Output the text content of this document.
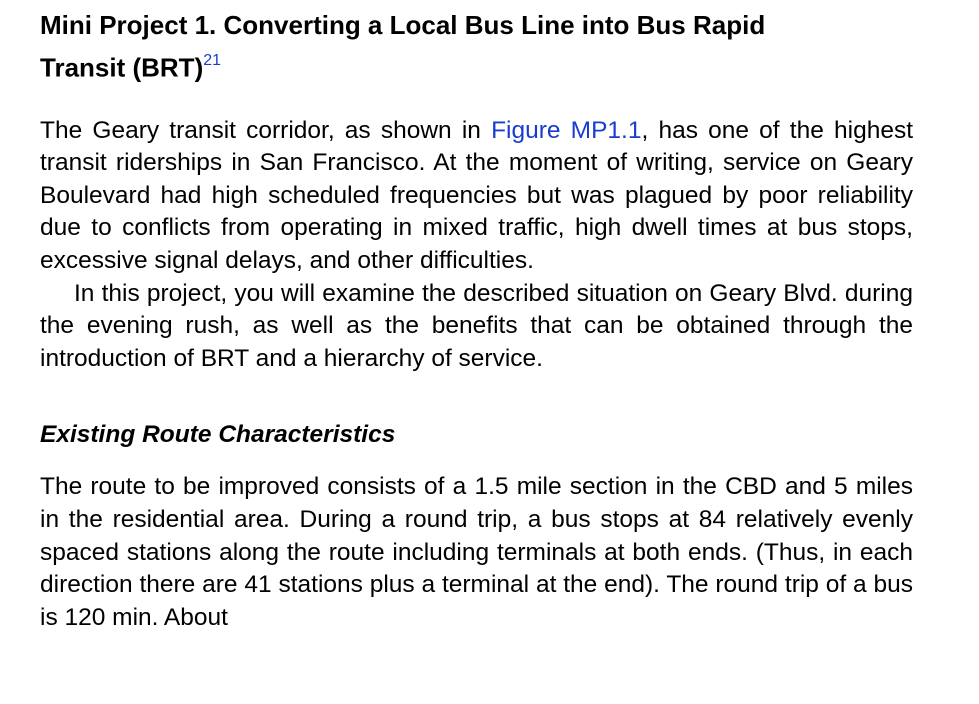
Mini Project 1. Converting a Local Bus Line into Bus Rapid
Transit (BRT)$^{21}$

The Geary transit corridor, as shown in Figure MP1.1, has one of the highest transit riderships in San Francisco. At the moment of writing, service on Geary Boulevard had high scheduled frequencies but was plagued by poor reliability due to conflicts from operating in mixed traffic, high dwell times at bus stops, excessive signal delays, and other difficulties.

In this project, you will examine the described situation on Geary Blvd. during the evening rush, as well as the benefits that can be obtained through the introduction of BRT and a hierarchy of service.

Existing Route Characteristics

The route to be improved consists of a 1.5 mile section in the CBD and 5 miles in the residential area. During a round trip, a bus stops at 84 relatively evenly spaced stations along the route including terminals at both ends. (Thus, in each direction there are 41 stations plus a terminal at the end). The round trip of a bus is 120 min. About
